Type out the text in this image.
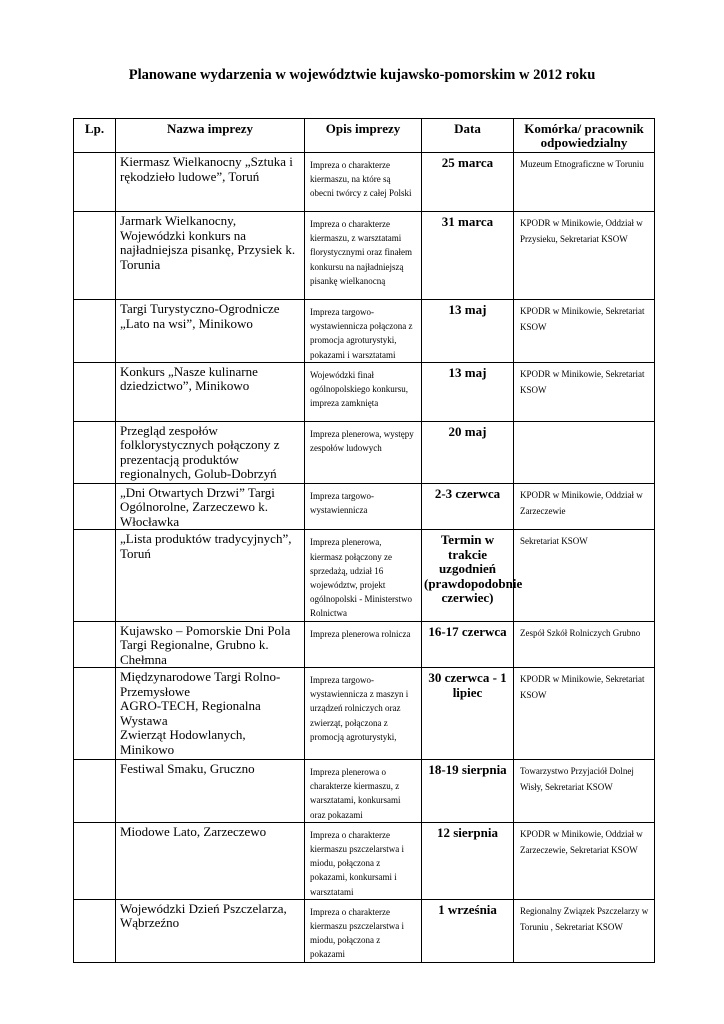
Planowane wydarzenia w województwie kujawsko-pomorskim w 2012 roku
Lp.	Nazwa imprezy	Opis imprezy	Data	Komórka/ pracownik odpowiedzialny
	Kiermasz Wielkanocny „Sztuka i rękodzieło ludowe”, Toruń	Impreza o charakterze kiermaszu, na które są obecni twórcy z całej Polski	25 marca	Muzeum Etnograficzne w Toruniu
	Jarmark Wielkanocny, Wojewódzki konkurs na najładniejsza pisankę, Przysiek k. Torunia	Impreza o charakterze kiermaszu, z warsztatami florystycznymi oraz finałem konkursu na najładniejszą pisankę wielkanocną	31 marca	KPODR w Minikowie, Oddział w Przysieku, Sekretariat KSOW
	Targi Turystyczno-Ogrodnicze „Lato na wsi”, Minikowo	Impreza targowo-wystawiennicza połączona z promocja agroturystyki, pokazami i warsztatami	13 maj	KPODR w Minikowie, Sekretariat KSOW
	Konkurs „Nasze kulinarne dziedzictwo”, Minikowo	Wojewódzki finał ogólnopolskiego konkursu, impreza zamknięta	13 maj	KPODR w Minikowie, Sekretariat KSOW
	Przegląd zespołów folklorystycznych połączony z prezentacją produktów regionalnych, Golub-Dobrzyń	Impreza plenerowa, występy zespołów ludowych	20 maj	
	„Dni Otwartych Drzwi” Targi Ogólnorolne, Zarzeczewo k. Włocławka	Impreza targowo-wystawiennicza	2-3 czerwca	KPODR w Minikowie, Oddział w Zarzeczewie
	„Lista produktów tradycyjnych”, Toruń	Impreza plenerowa, kiermasz połączony ze sprzedażą, udział 16 województw, projekt ogólnopolski - Ministerstwo Rolnictwa	Termin w trakcie uzgodnień (prawdopodobnie czerwiec)	Sekretariat KSOW
	Kujawsko – Pomorskie Dni Pola Targi Regionalne, Grubno k. Chełmna	Impreza plenerowa rolnicza	16-17 czerwca	Zespół Szkół Rolniczych Grubno
	Międzynarodowe Targi Rolno-Przemysłowe
AGRO-TECH, Regionalna Wystawa
Zwierząt Hodowlanych, Minikowo	Impreza targowo-wystawiennicza z maszyn i urządzeń rolniczych oraz zwierząt, połączona z promocją agroturystyki,	30 czerwca - 1 lipiec	KPODR w Minikowie, Sekretariat KSOW
	Festiwal Smaku, Gruczno	Impreza plenerowa o charakterze kiermaszu, z warsztatami, konkursami oraz pokazami	18-19 sierpnia	Towarzystwo Przyjaciół Dolnej Wisły, Sekretariat KSOW
	Miodowe Lato, Zarzeczewo	Impreza o charakterze kiermaszu pszczelarstwa i miodu, połączona z pokazami, konkursami i warsztatami	12 sierpnia	KPODR w Minikowie, Oddział w Zarzeczewie, Sekretariat KSOW
	Wojewódzki Dzień Pszczelarza, Wąbrzeźno	Impreza o charakterze kiermaszu pszczelarstwa i miodu, połączona z pokazami	1 września	Regionalny Związek Pszczelarzy w Toruniu , Sekretariat KSOW
